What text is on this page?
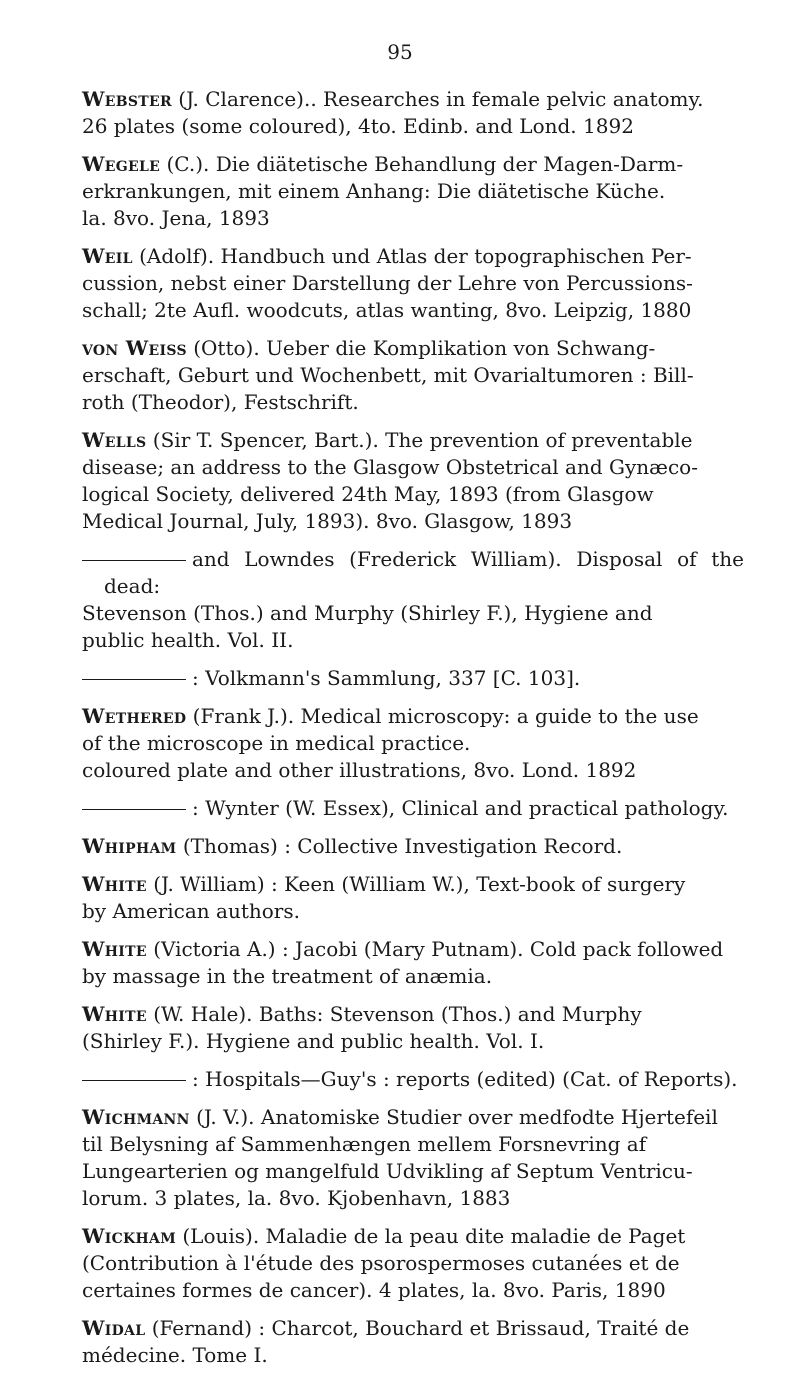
95
Webster (J. Clarence).. Researches in female pelvic anatomy.
26 plates (some coloured), 4to. Edinb. and Lond. 1892
Wegele (C.). Die diätetische Behandlung der Magen-Darm-
erkrankungen, mit einem Anhang: Die diätetische Küche.
la. 8vo. Jena, 1893
Weil (Adolf). Handbuch und Atlas der topographischen Per-
cussion, nebst einer Darstellung der Lehre von Percussions-
schall; 2te Aufl. woodcuts, atlas wanting, 8vo. Leipzig, 1880
von Weiss (Otto). Ueber die Komplikation von Schwang-
erschaft, Geburt und Wochenbett, mit Ovarialtumoren : Bill-
roth (Theodor), Festschrift.
Wells (Sir T. Spencer, Bart.). The prevention of preventable
disease; an address to the Glasgow Obstetrical and Gynæco-
logical Society, delivered 24th May, 1893 (from Glasgow
Medical Journal, July, 1893). 8vo. Glasgow, 1893
and Lowndes (Frederick William). Disposal of the dead:
Stevenson (Thos.) and Murphy (Shirley F.), Hygiene and
public health. Vol. II.
: Volkmann's Sammlung, 337 [C. 103].
Wethered (Frank J.). Medical microscopy: a guide to the use
of the microscope in medical practice.
coloured plate and other illustrations, 8vo. Lond. 1892
: Wynter (W. Essex), Clinical and practical pathology.
Whipham (Thomas) : Collective Investigation Record.
White (J. William) : Keen (William W.), Text-book of surgery
by American authors.
White (Victoria A.) : Jacobi (Mary Putnam). Cold pack followed
by massage in the treatment of anæmia.
White (W. Hale). Baths: Stevenson (Thos.) and Murphy
(Shirley F.). Hygiene and public health. Vol. I.
: Hospitals—Guy's : reports (edited) (Cat. of Reports).
Wichmann (J. V.). Anatomiske Studier over medfodte Hjertefeil
til Belysning af Sammenhængen mellem Forsnevring af
Lungearterien og mangelfuld Udvikling af Septum Ventricu-
lorum. 3 plates, la. 8vo. Kjobenhavn, 1883
Wickham (Louis). Maladie de la peau dite maladie de Paget
(Contribution à l'étude des psorospermoses cutanées et de
certaines formes de cancer). 4 plates, la. 8vo. Paris, 1890
Widal (Fernand) : Charcot, Bouchard et Brissaud, Traité de
médecine. Tome I.
